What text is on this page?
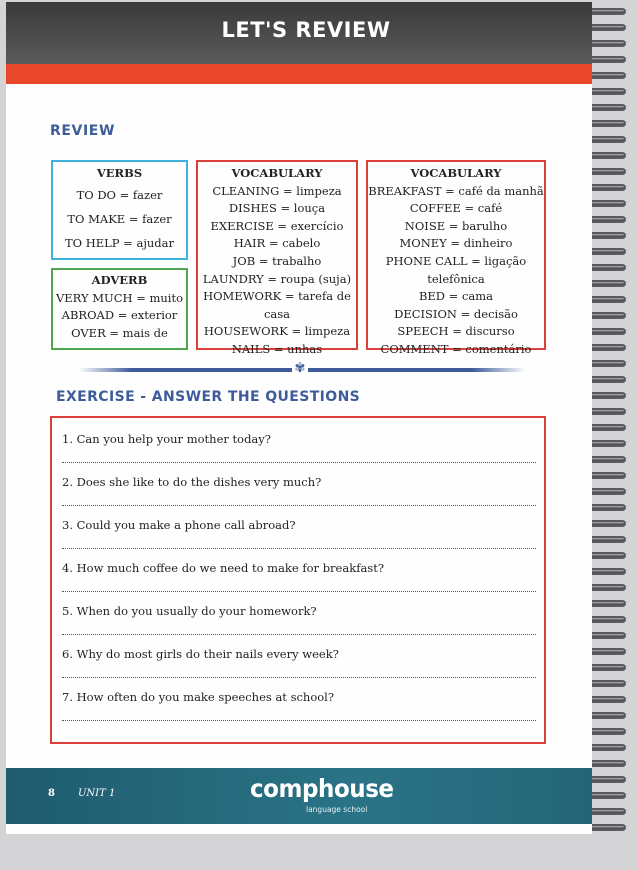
LET'S REVIEW
REVIEW
VERBS
TO DO = fazer
TO MAKE = fazer
TO HELP = ajudar
ADVERB
VERY MUCH = muito
ABROAD = exterior
OVER = mais de
VOCABULARY
CLEANING = limpeza
DISHES = louça
EXERCISE = exercício
HAIR = cabelo
JOB = trabalho
LAUNDRY = roupa (suja)
HOMEWORK = tarefa de casa
HOUSEWORK = limpeza
NAILS = unhas
VOCABULARY
BREAKFAST = café da manhã
COFFEE = café
NOISE = barulho
MONEY = dinheiro
PHONE CALL = ligação telefônica
BED = cama
DECISION = decisão
SPEECH = discurso
COMMENT = comentário
✾
EXERCISE - ANSWER THE QUESTIONS
1. Can you help your mother today?
2. Does she like to do the dishes very much?
3. Could you make a phone call abroad?
4. How much coffee do we need to make for breakfast?
5. When do you usually do your homework?
6. Why do most girls do their nails every week?
7. How often do you make speeches at school?
8 UNIT 1	comphouse
language school
